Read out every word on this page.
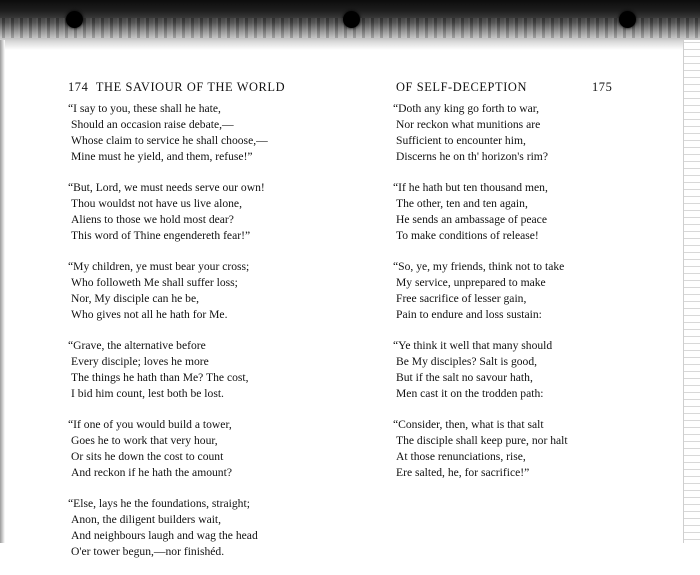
174 THE SAVIOUR OF THE WORLD
“I say to you, these shall he hate,
Should an occasion raise debate,—
Whose claim to service he shall choose,—
Mine must he yield, and them, refuse!”
“But, Lord, we must needs serve our own!
Thou wouldst not have us live alone,
Aliens to those we hold most dear?
This word of Thine engendereth fear!”
“My children, ye must bear your cross;
Who followeth Me shall suffer loss;
Nor, My disciple can he be,
Who gives not all he hath for Me.
“Grave, the alternative before
Every disciple; loves he more
The things he hath than Me? The cost,
I bid him count, lest both be lost.
“If one of you would build a tower,
Goes he to work that very hour,
Or sits he down the cost to count
And reckon if he hath the amount?
“Else, lays he the foundations, straight;
Anon, the diligent builders wait,
And neighbours laugh and wag the head
O'er tower begun,—nor finishéd.
OF SELF-DECEPTION	175
“Doth any king go forth to war,
Nor reckon what munitions are
Sufficient to encounter him,
Discerns he on th' horizon's rim?
“If he hath but ten thousand men,
The other, ten and ten again,
He sends an ambassage of peace
To make conditions of release!
“So, ye, my friends, think not to take
My service, unprepared to make
Free sacrifice of lesser gain,
Pain to endure and loss sustain:
“Ye think it well that many should
Be My disciples? Salt is good,
But if the salt no savour hath,
Men cast it on the trodden path:
“Consider, then, what is that salt
The disciple shall keep pure, nor halt
At those renunciations, rise,
Ere salted, he, for sacrifice!”
